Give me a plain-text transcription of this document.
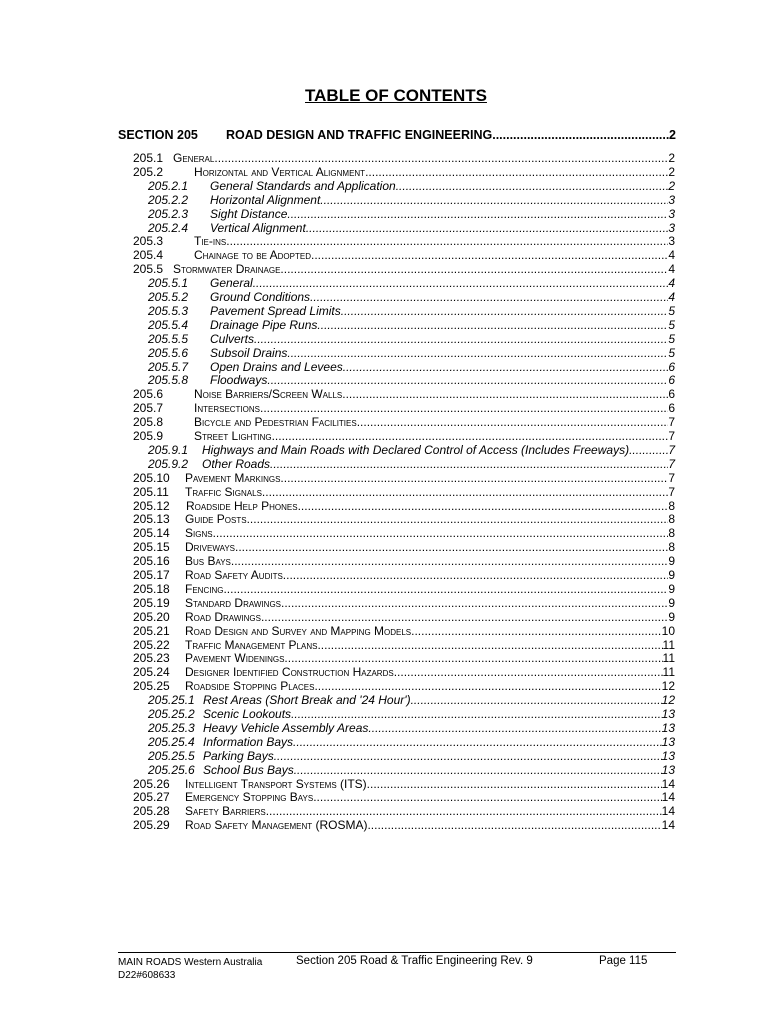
TABLE OF CONTENTS
SECTION 205	ROAD DESIGN AND TRAFFIC ENGINEERING .....	2
205.1 General .....	2
205.2	Horizontal and Vertical Alignment .....	2
205.2.1	General Standards and Application .....	2
205.2.2	Horizontal Alignment .....	3
205.2.3	Sight Distance .....	3
205.2.4	Vertical Alignment .....	3
205.3	Tie-ins .....	3
205.4	Chainage to be Adopted .....	4
205.5 Stormwater Drainage .....	4
205.5.1	General .....	4
205.5.2	Ground Conditions .....	4
205.5.3	Pavement Spread Limits .....	5
205.5.4	Drainage Pipe Runs .....	5
205.5.5	Culverts .....	5
205.5.6	Subsoil Drains .....	5
205.5.7	Open Drains and Levees .....	6
205.5.8	Floodways .....	6
205.6	Noise Barriers/Screen Walls .....	6
205.7	Intersections .....	6
205.8	Bicycle and Pedestrian Facilities .....	7
205.9	Street Lighting .....	7
205.9.1	Highways and Main Roads with Declared Control of Access (Includes Freeways) .....	7
205.9.2	Other Roads .....	7
205.10	Pavement Markings .....	7
205.11	Traffic Signals .....	7
205.12	Roadside Help Phones .....	8
205.13	Guide Posts .....	8
205.14	Signs .....	8
205.15	Driveways .....	8
205.16	Bus Bays .....	9
205.17	Road Safety Audits .....	9
205.18	Fencing .....	9
205.19	Standard Drawings .....	9
205.20	Road Drawings .....	9
205.21	Road Design and Survey and Mapping Models .....	10
205.22	Traffic Management Plans .....	11
205.23	Pavement Widenings .....	11
205.24	Designer Identified Construction Hazards .....	11
205.25	Roadside Stopping Places .....	12
205.25.1 Rest Areas (Short Break and '24 Hour') .....	12
205.25.2 Scenic Lookouts .....	13
205.25.3 Heavy Vehicle Assembly Areas .....	13
205.25.4 Information Bays .....	13
205.25.5 Parking Bays .....	13
205.25.6 School Bus Bays .....	13
205.26	Intelligent Transport Systems (ITS) .....	14
205.27	Emergency Stopping Bays .....	14
205.28	Safety Barriers .....	14
205.29	Road Safety Management (ROSMA) .....	14
MAIN ROADS Western Australia
D22#608633
Section 205 Road & Traffic Engineering Rev. 9	Page 115
